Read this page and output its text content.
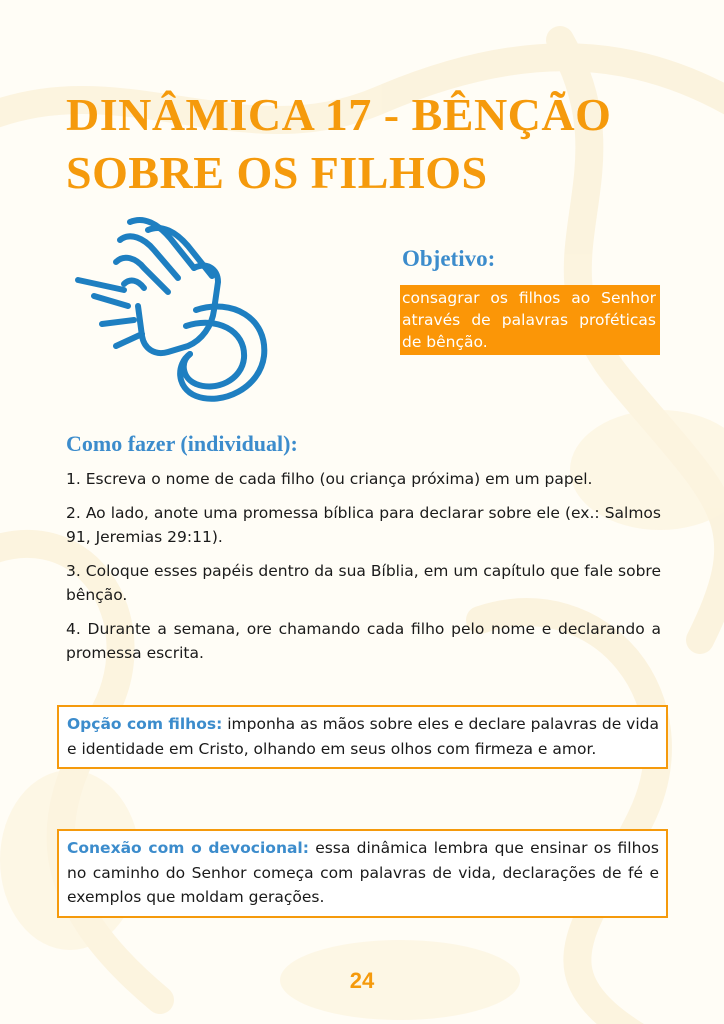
DINÂMICA 17 - BÊNÇÃO
SOBRE OS FILHOS
Objetivo:
consagrar os filhos ao Senhor através de palavras proféticas de bênção.
Como fazer (individual):
1. Escreva o nome de cada filho (ou criança próxima) em um papel.
2. Ao lado, anote uma promessa bíblica para declarar sobre ele (ex.: Salmos 91, Jeremias 29:11).
3. Coloque esses papéis dentro da sua Bíblia, em um capítulo que fale sobre bênção.
4. Durante a semana, ore chamando cada filho pelo nome e declarando a promessa escrita.
Opção com filhos: imponha as mãos sobre eles e declare palavras de vida e identidade em Cristo, olhando em seus olhos com firmeza e amor.
Conexão com o devocional: essa dinâmica lembra que ensinar os filhos no caminho do Senhor começa com palavras de vida, declarações de fé e exemplos que moldam gerações.
24
